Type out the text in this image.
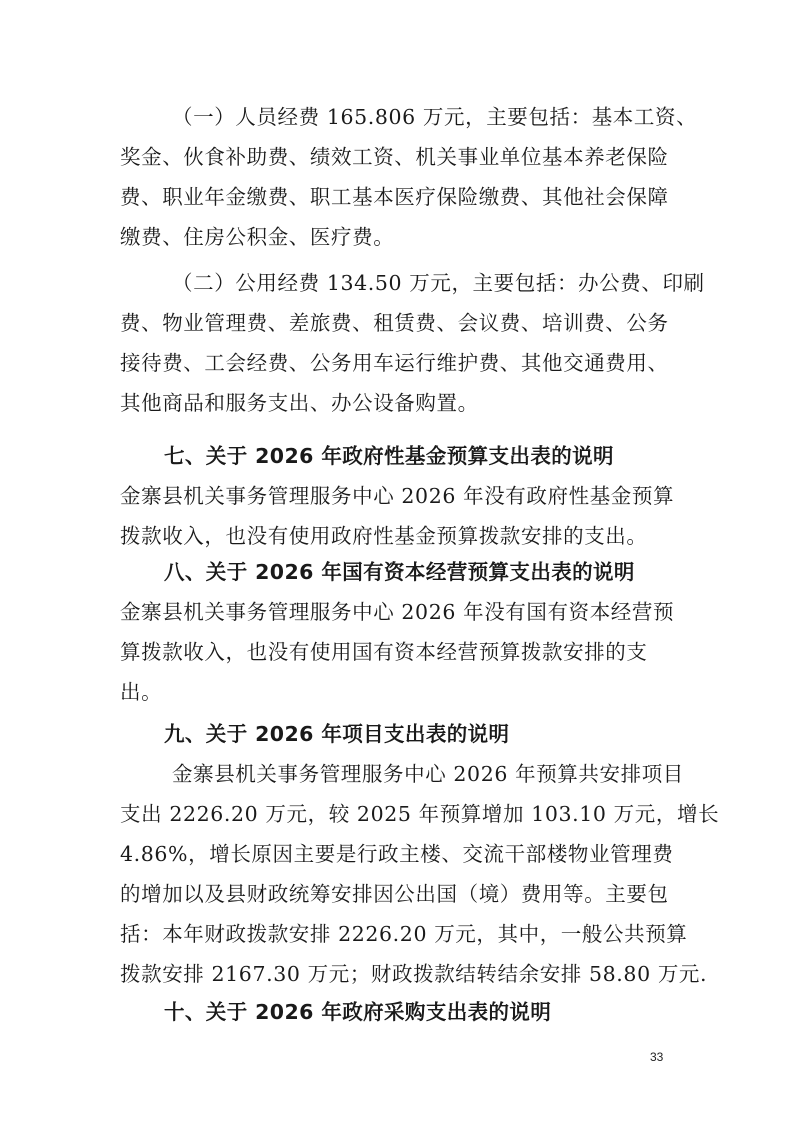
（一）人员经费 165.806 万元，主要包括：基本工资、
奖金、伙食补助费、绩效工资、机关事业单位基本养老保险
费、职业年金缴费、职工基本医疗保险缴费、其他社会保障
缴费、住房公积金、医疗费。
（二）公用经费 134.50 万元，主要包括：办公费、印刷
费、物业管理费、差旅费、租赁费、会议费、培训费、公务
接待费、工会经费、公务用车运行维护费、其他交通费用、
其他商品和服务支出、办公设备购置。
七、关于 2026 年政府性基金预算支出表的说明
金寨县机关事务管理服务中心 2026 年没有政府性基金预算
拨款收入，也没有使用政府性基金预算拨款安排的支出。
八、关于 2026 年国有资本经营预算支出表的说明
金寨县机关事务管理服务中心 2026 年没有国有资本经营预
算拨款收入，也没有使用国有资本经营预算拨款安排的支
出。
九、关于 2026 年项目支出表的说明
金寨县机关事务管理服务中心 2026 年预算共安排项目
支出 2226.20 万元，较 2025 年预算增加 103.10 万元，增长
4.86%，增长原因主要是行政主楼、交流干部楼物业管理费
的增加以及县财政统筹安排因公出国（境）费用等。主要包
括：本年财政拨款安排 2226.20 万元，其中，一般公共预算
拨款安排 2167.30 万元；财政拨款结转结余安排 58.80 万元.
十、关于 2026 年政府采购支出表的说明
33
